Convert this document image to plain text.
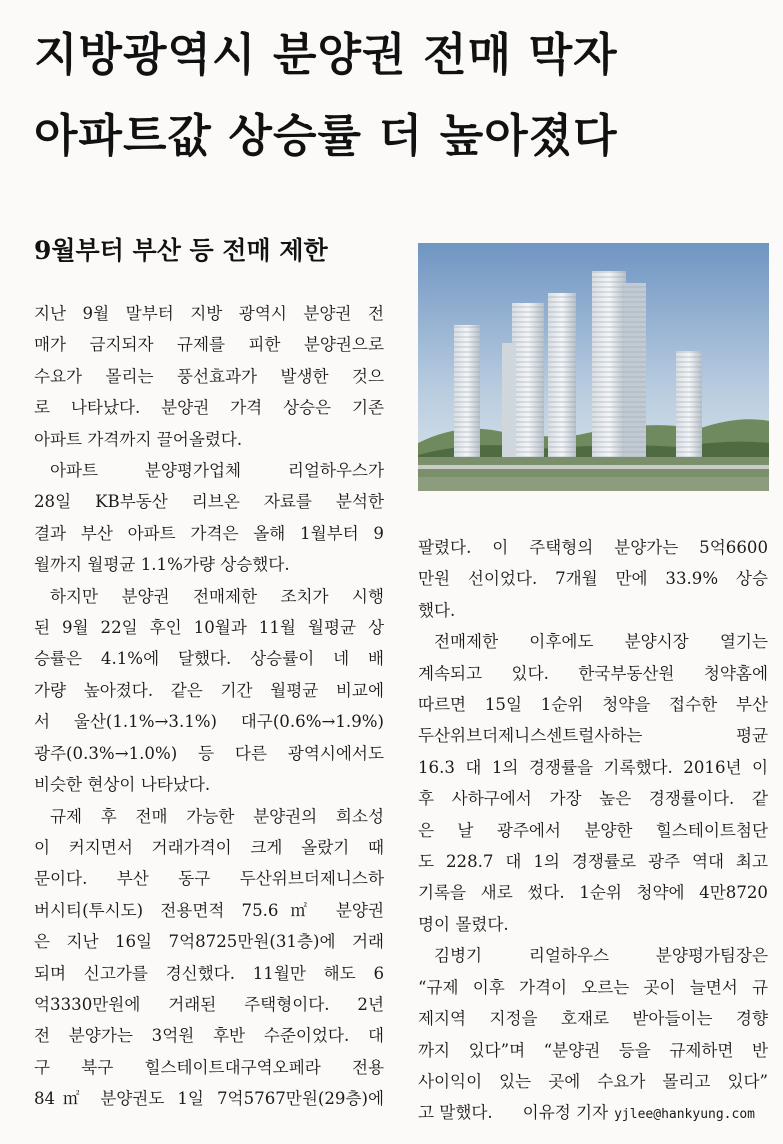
지방광역시 분양권 전매 막자
아파트값 상승률 더 높아졌다
9월부터 부산 등 전매 제한
지난 9월 말부터 지방 광역시 분양권 전
매가 금지되자 규제를 피한 분양권으로
수요가 몰리는 풍선효과가 발생한 것으
로 나타났다. 분양권 가격 상승은 기존
아파트 가격까지 끌어올렸다.
아파트 분양평가업체 리얼하우스가
28일 KB부동산 리브온 자료를 분석한
결과 부산 아파트 가격은 올해 1월부터 9
월까지 월평균 1.1%가량 상승했다.
하지만 분양권 전매제한 조치가 시행
된 9월 22일 후인 10월과 11월 월평균 상
승률은 4.1%에 달했다. 상승률이 네 배
가량 높아졌다. 같은 기간 월평균 비교에
서 울산(1.1%→3.1%) 대구(0.6%→1.9%)
광주(0.3%→1.0%) 등 다른 광역시에서도
비슷한 현상이 나타났다.
규제 후 전매 가능한 분양권의 희소성
이 커지면서 거래가격이 크게 올랐기 때
문이다. 부산 동구 두산위브더제니스하
버시티(투시도) 전용면적 75.6㎡ 분양권
은 지난 16일 7억8725만원(31층)에 거래
되며 신고가를 경신했다. 11월만 해도 6
억3330만원에 거래된 주택형이다. 2년
전 분양가는 3억원 후반 수준이었다. 대
구 북구 힐스테이트대구역오페라 전용
84㎡ 분양권도 1일 7억5767만원(29층)에
팔렸다. 이 주택형의 분양가는 5억6600
만원 선이었다. 7개월 만에 33.9% 상승
했다.
전매제한 이후에도 분양시장 열기는
계속되고 있다. 한국부동산원 청약홈에
따르면 15일 1순위 청약을 접수한 부산
두산위브더제니스센트럴사하는 평균
16.3 대 1의 경쟁률을 기록했다. 2016년 이
후 사하구에서 가장 높은 경쟁률이다. 같
은 날 광주에서 분양한 힐스테이트첨단
도 228.7 대 1의 경쟁률로 광주 역대 최고
기록을 새로 썼다. 1순위 청약에 4만8720
명이 몰렸다.
김병기 리얼하우스 분양평가팀장은
“규제 이후 가격이 오르는 곳이 늘면서 규
제지역 지정을 호재로 받아들이는 경향
까지 있다”며 “분양권 등을 규제하면 반
사이익이 있는 곳에 수요가 몰리고 있다”
고 말했다. 이유정 기자 yjlee@hankyung.com
